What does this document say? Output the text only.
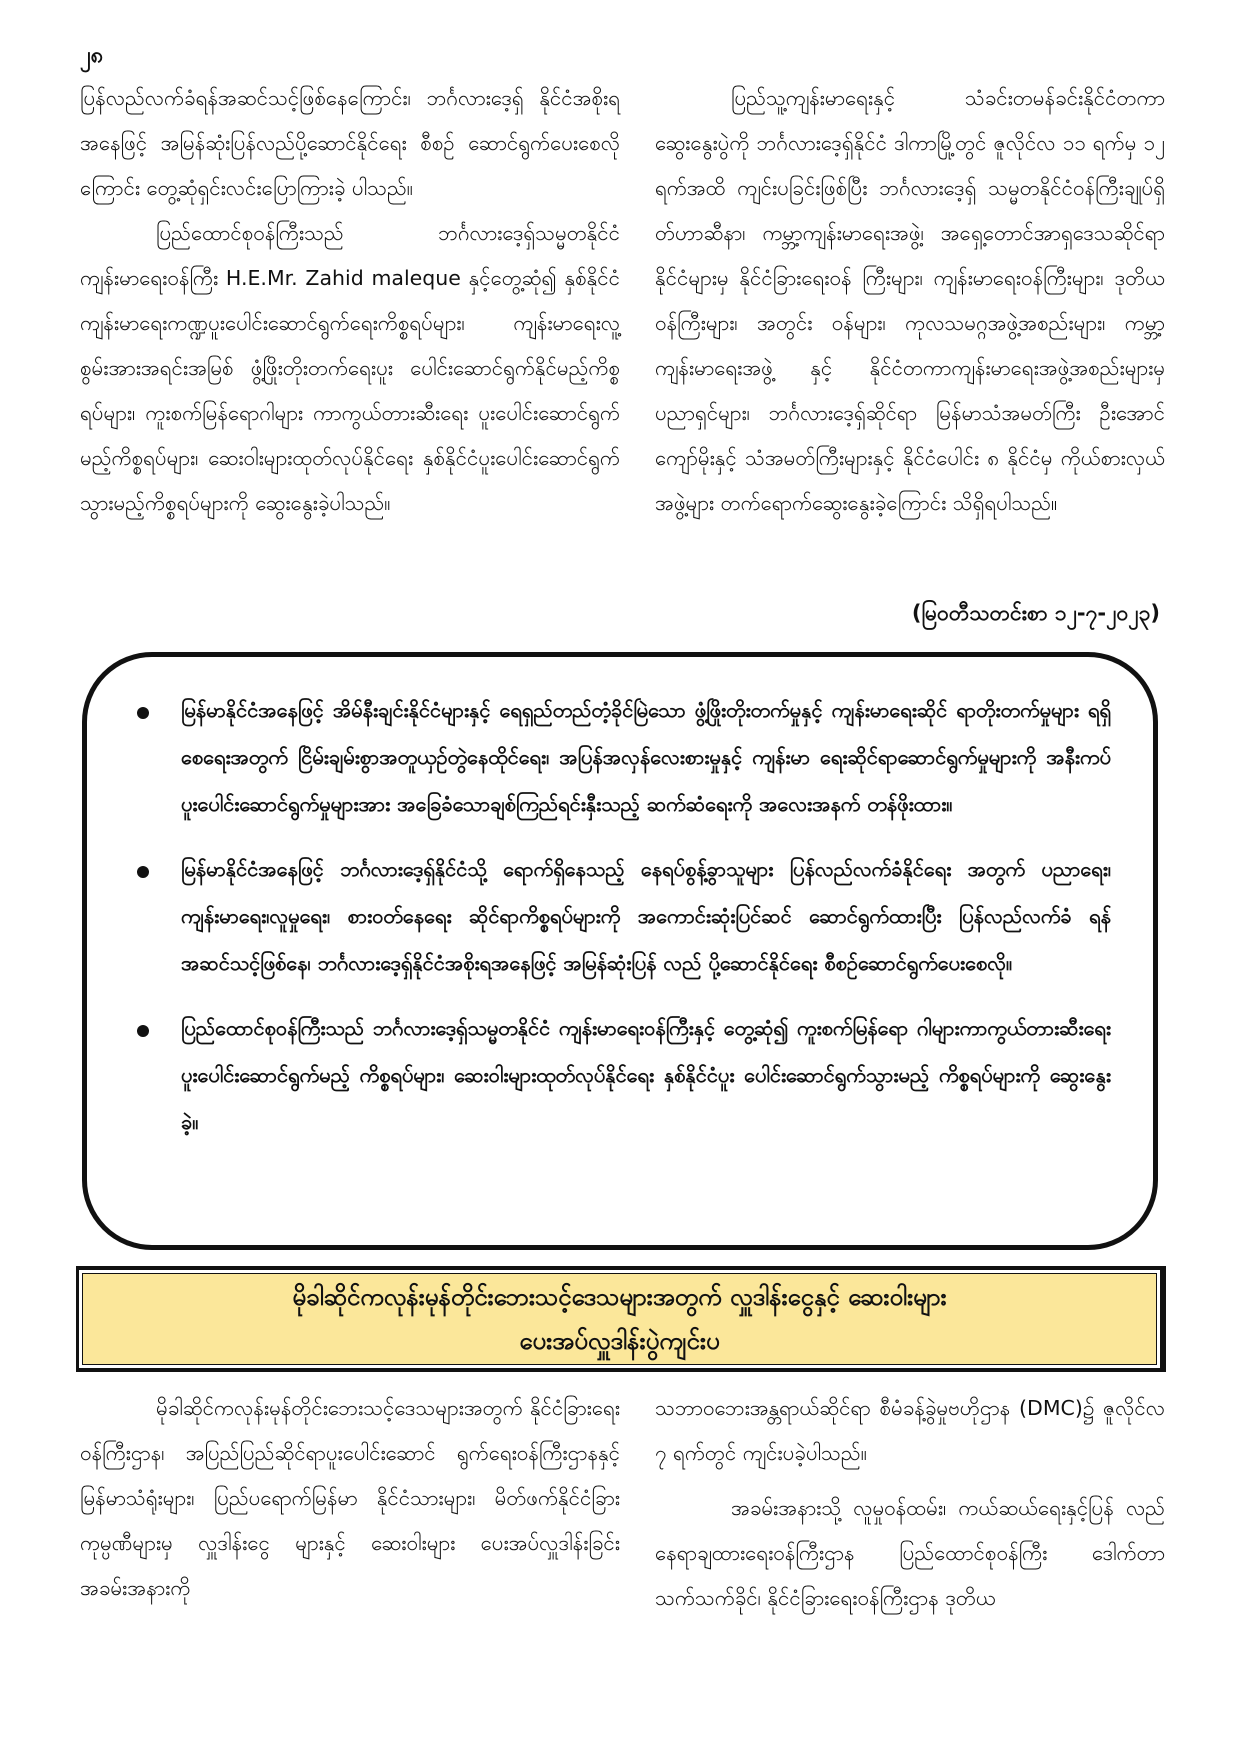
၂၈

ပြန်လည်လက်ခံရန်အဆင်သင့်ဖြစ်နေကြောင်း၊ ဘင်္ဂလားဒေ့ရှ် နိုင်ငံအစိုးရအနေဖြင့် အမြန်ဆုံးပြန်လည်ပို့ဆောင်နိုင်ရေး စီစဉ် ဆောင်ရွက်ပေးစေလိုကြောင်း တွေ့ဆုံရှင်းလင်းပြောကြားခဲ့ ပါသည်။

ပြည်ထောင်စုဝန်ကြီးသည် ဘင်္ဂလားဒေ့ရှ်သမ္မတနိုင်ငံ ကျန်းမာရေးဝန်ကြီး H.E.Mr. Zahid maleque နှင့်တွေ့ဆုံ၍ နှစ်နိုင်ငံကျန်းမာရေးကဏ္ဍပူးပေါင်းဆောင်ရွက်ရေးကိစ္စရပ်များ၊ ကျန်းမာရေးလူ့စွမ်းအားအရင်းအမြစ် ဖွံ့ဖြိုးတိုးတက်ရေးပူး ပေါင်းဆောင်ရွက်နိုင်မည့်ကိစ္စရပ်များ၊ ကူးစက်မြန်ရောဂါများ ကာကွယ်တားဆီးရေး ပူးပေါင်းဆောင်ရွက်မည့်ကိစ္စရပ်များ၊ ဆေးဝါးများထုတ်လုပ်နိုင်ရေး နှစ်နိုင်ငံပူးပေါင်းဆောင်ရွက် သွားမည့်ကိစ္စရပ်များကို ဆွေးနွေးခဲ့ပါသည်။

ပြည်သူ့ကျန်းမာရေးနှင့် သံခင်းတမန်ခင်းနိုင်ငံတကာ ဆွေးနွေးပွဲကို ဘင်္ဂလားဒေ့ရှ်နိုင်ငံ ဒါကာမြို့တွင် ဇူလိုင်လ ၁၁ ရက်မှ ၁၂ ရက်အထိ ကျင်းပခြင်းဖြစ်ပြီး ဘင်္ဂလားဒေ့ရှ် သမ္မတနိုင်ငံဝန်ကြီးချုပ်ရှိတ်ဟာဆီနာ၊ ကမ္ဘာ့ကျန်းမာရေးအဖွဲ့၊ အရှေ့တောင်အာရှဒေသဆိုင်ရာနိုင်ငံများမှ နိုင်ငံခြားရေးဝန် ကြီးများ၊ ကျန်းမာရေးဝန်ကြီးများ၊ ဒုတိယဝန်ကြီးများ၊ အတွင်း ဝန်များ၊ ကုလသမဂ္ဂအဖွဲ့အစည်းများ၊ ကမ္ဘာ့ကျန်းမာရေးအဖွဲ့ နှင့် နိုင်ငံတကာကျန်းမာရေးအဖွဲ့အစည်းများမှ ပညာရှင်များ၊ ဘင်္ဂလားဒေ့ရှ်ဆိုင်ရာ မြန်မာသံအမတ်ကြီး ဦးအောင်ကျော်မိုးနှင့် သံအမတ်ကြီးများနှင့် နိုင်ငံပေါင်း ၈ နိုင်ငံမှ ကိုယ်စားလှယ် အဖွဲ့များ တက်ရောက်ဆွေးနွေးခဲ့ကြောင်း သိရှိရပါသည်။

(မြဝတီသတင်းစာ ၁၂-၇-၂၀၂၃)
မြန်မာနိုင်ငံအနေဖြင့် အိမ်နီးချင်းနိုင်ငံများနှင့် ရေရှည်တည်တံ့ခိုင်မြဲသော ဖွံ့ဖြိုးတိုးတက်မှုနှင့် ကျန်းမာရေးဆိုင် ရာတိုးတက်မှုများ ရရှိစေရေးအတွက် ငြိမ်းချမ်းစွာအတူယှဉ်တွဲနေထိုင်ရေး၊ အပြန်အလှန်လေးစားမှုနှင့် ကျန်းမာ ရေးဆိုင်ရာဆောင်ရွက်မှုများကို အနီးကပ်ပူးပေါင်းဆောင်ရွက်မှုများအား အခြေခံသောချစ်ကြည်ရင်းနှီးသည့် ဆက်ဆံရေးကို အလေးအနက် တန်ဖိုးထား။
မြန်မာနိုင်ငံအနေဖြင့် ဘင်္ဂလားဒေ့ရှ်နိုင်ငံသို့ ရောက်ရှိနေသည့် နေရပ်စွန့်ခွာသူများ ပြန်လည်လက်ခံနိုင်ရေး အတွက် ပညာရေး၊ ကျန်းမာရေး၊လူမှုရေး၊ စားဝတ်နေရေး ဆိုင်ရာကိစ္စရပ်များကို အကောင်းဆုံးပြင်ဆင် ဆောင်ရွက်ထားပြီး ပြန်လည်လက်ခံ ရန်အဆင်သင့်ဖြစ်နေ၊ ဘင်္ဂလားဒေ့ရှ်နိုင်ငံအစိုးရအနေဖြင့် အမြန်ဆုံးပြန် လည် ပို့ဆောင်နိုင်ရေး စီစဉ်ဆောင်ရွက်ပေးစေလို။
ပြည်ထောင်စုဝန်ကြီးသည် ဘင်္ဂလားဒေ့ရှ်သမ္မတနိုင်ငံ ကျန်းမာရေးဝန်ကြီးနှင့် တွေ့ဆုံ၍ ကူးစက်မြန်ရော ဂါများကာကွယ်တားဆီးရေး ပူးပေါင်းဆောင်ရွက်မည့် ကိစ္စရပ်များ၊ ဆေးဝါးများထုတ်လုပ်နိုင်ရေး နှစ်နိုင်ငံပူး ပေါင်းဆောင်ရွက်သွားမည့် ကိစ္စရပ်များကို ဆွေးနွေးခဲ့။
မိုခါဆိုင်ကလုန်းမုန်တိုင်းဘေးသင့်ဒေသများအတွက် လှူဒါန်းငွေနှင့် ဆေးဝါးများ
ပေးအပ်လှူဒါန်းပွဲကျင်းပ

မိုခါဆိုင်ကလုန်းမုန်တိုင်းဘေးသင့်ဒေသများအတွက် နိုင်ငံခြားရေးဝန်ကြီးဌာန၊ အပြည်ပြည်ဆိုင်ရာပူးပေါင်းဆောင် ရွက်ရေးဝန်ကြီးဌာနနှင့် မြန်မာသံရုံးများ၊ ပြည်ပရောက်မြန်မာ နိုင်ငံသားများ၊ မိတ်ဖက်နိုင်ငံခြားကုမ္ပဏီများမှ လှူဒါန်းငွေ များနှင့် ဆေးဝါးများ ပေးအပ်လှူဒါန်းခြင်း အခမ်းအနားကို

သဘာဝဘေးအန္တရာယ်ဆိုင်ရာ စီမံခန့်ခွဲမှုဗဟိုဌာန (DMC)၌ ဇူလိုင်လ ၇ ရက်တွင် ကျင်းပခဲ့ပါသည်။

အခမ်းအနားသို့ လူမှုဝန်ထမ်း၊ ကယ်ဆယ်ရေးနှင့်ပြန် လည်နေရာချထားရေးဝန်ကြီးဌာန ပြည်ထောင်စုဝန်ကြီး ဒေါက်တာသက်သက်ခိုင်၊ နိုင်ငံခြားရေးဝန်ကြီးဌာန ဒုတိယ
